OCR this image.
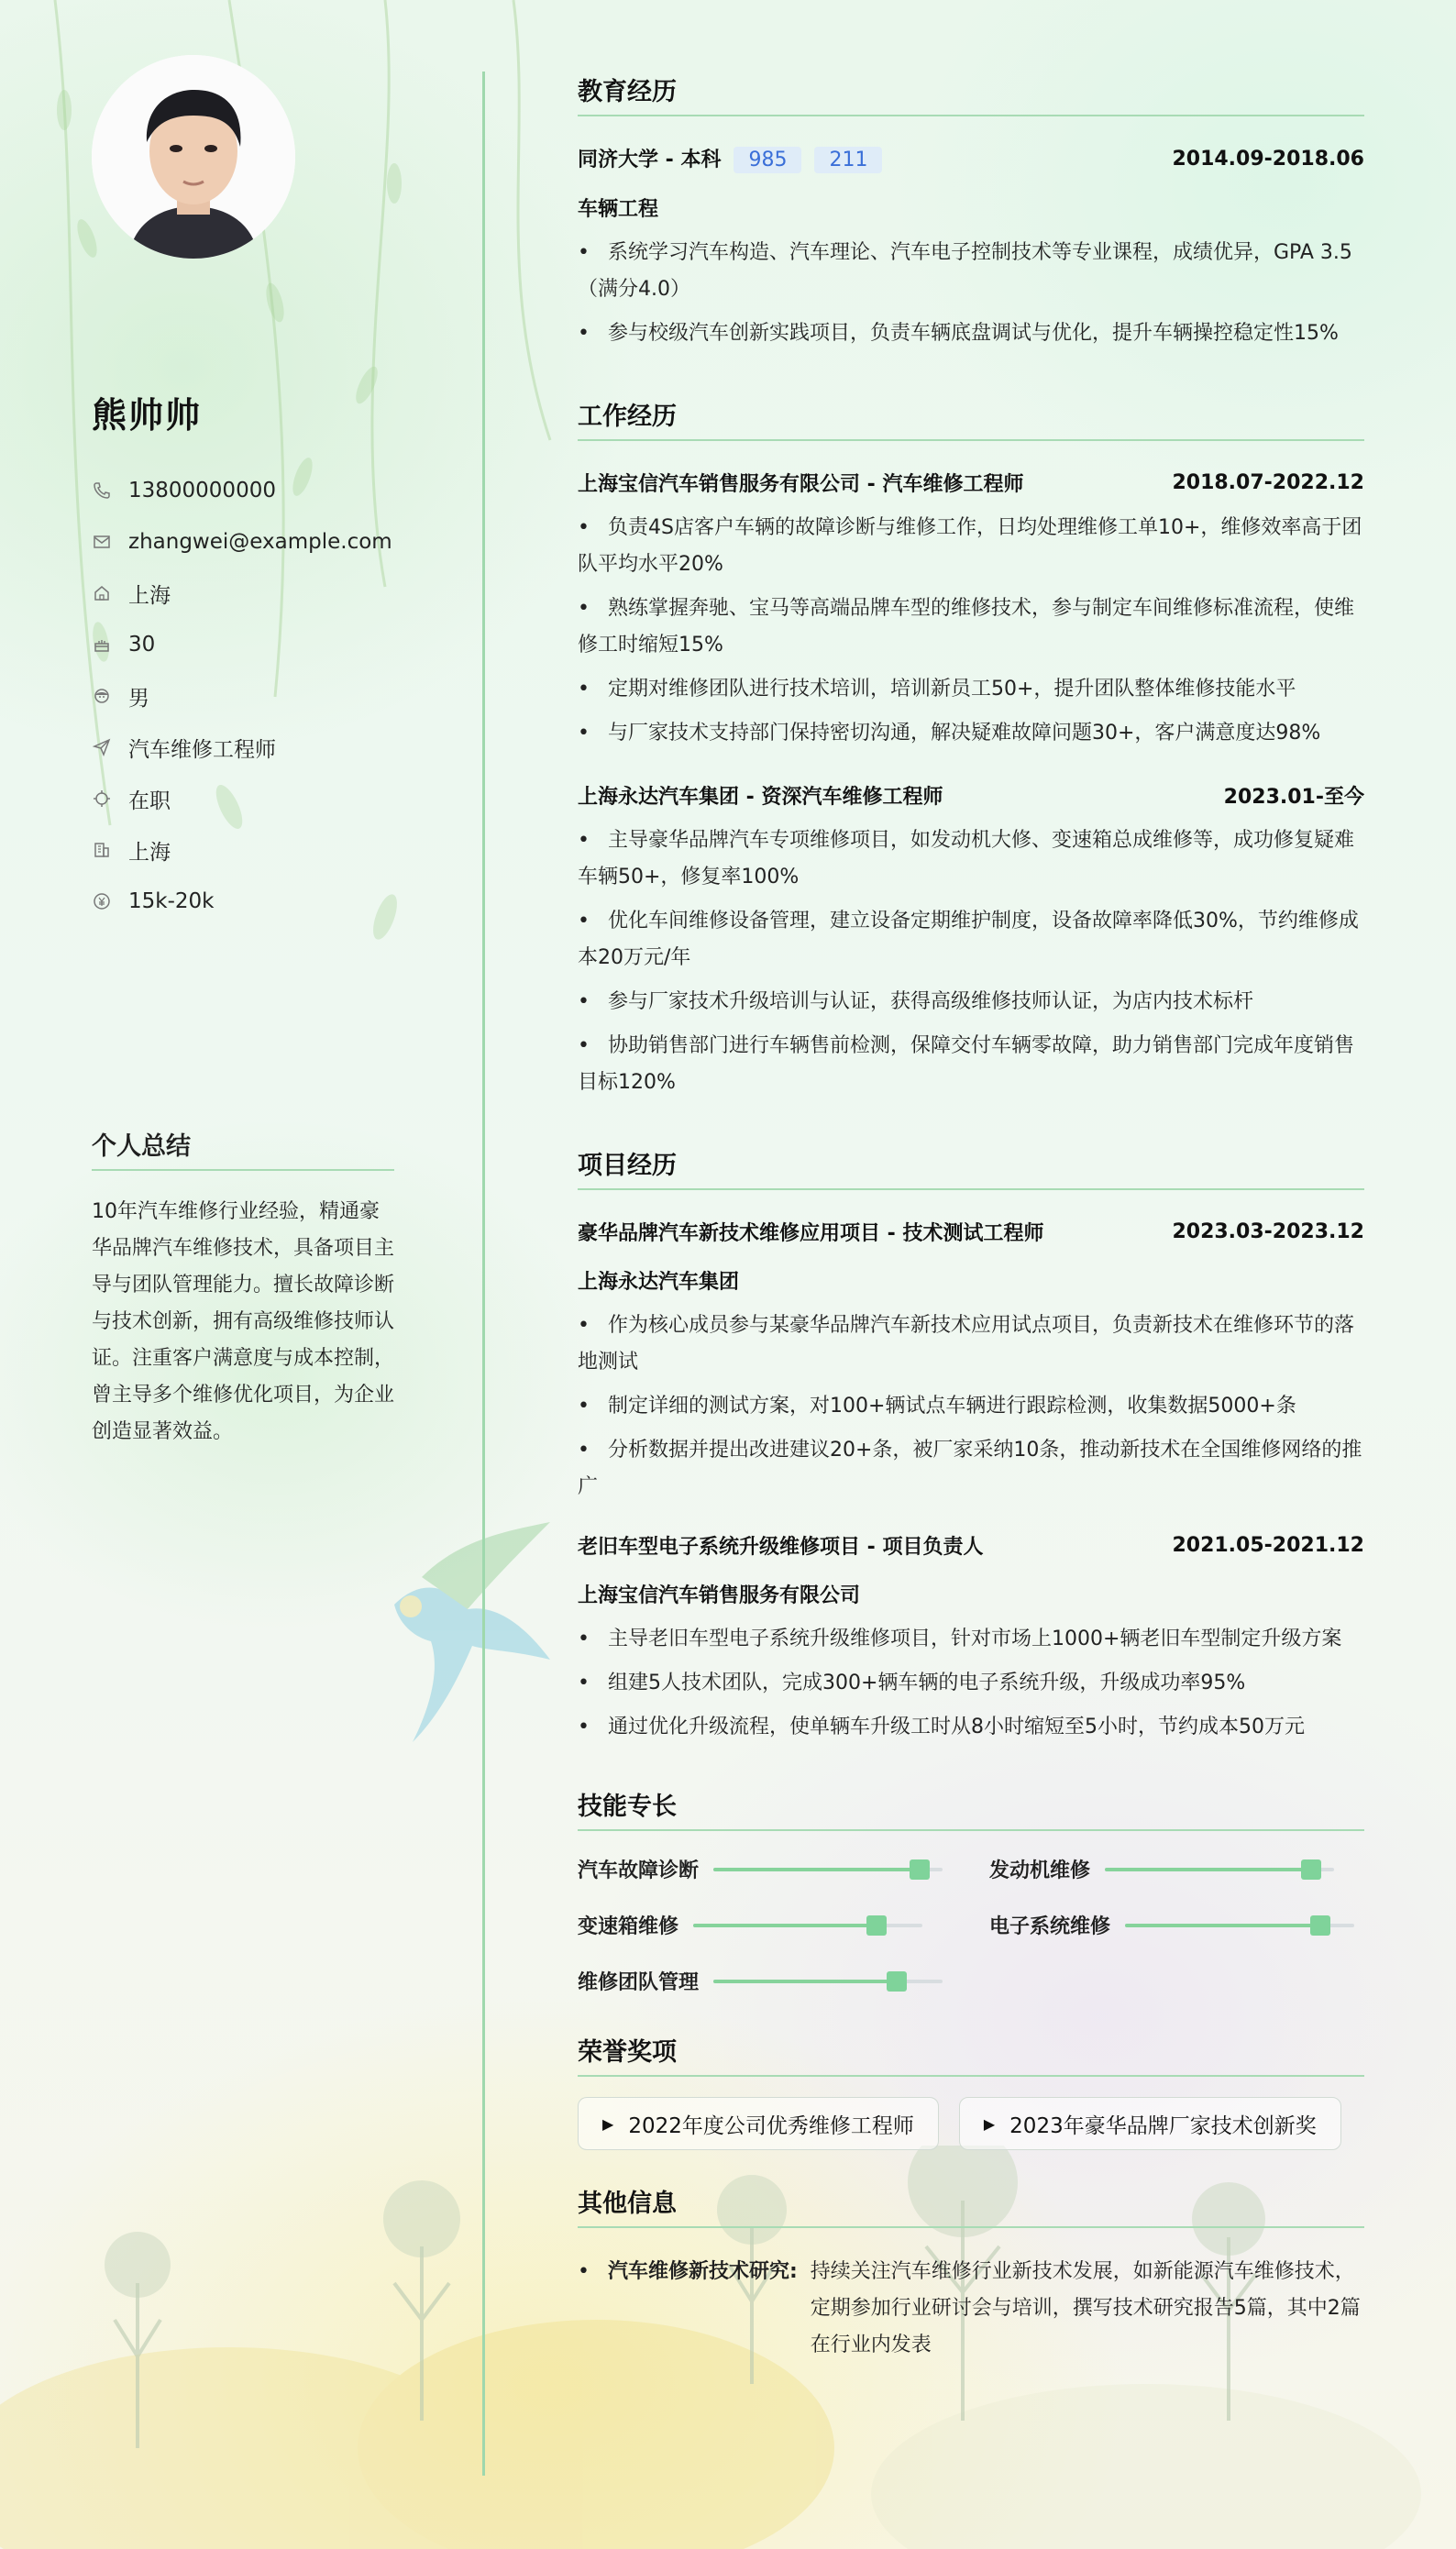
熊帅帅
13800000000
zhangwei@example.com
上海
30
男
汽车维修工程师
在职
上海
15k-20k
个人总结
10年汽车维修行业经验，精通豪华品牌汽车维修技术，具备项目主导与团队管理能力。擅长故障诊断与技术创新，拥有高级维修技师认证。注重客户满意度与成本控制，曾主导多个维修优化项目，为企业创造显著效益。
教育经历
同济大学 - 本科 985 211	2014.09-2018.06
车辆工程
• 系统学习汽车构造、汽车理论、汽车电子控制技术等专业课程，成绩优异，GPA 3.5（满分4.0）
• 参与校级汽车创新实践项目，负责车辆底盘调试与优化，提升车辆操控稳定性15%
工作经历
上海宝信汽车销售服务有限公司 - 汽车维修工程师	2018.07-2022.12
• 负责4S店客户车辆的故障诊断与维修工作，日均处理维修工单10+，维修效率高于团队平均水平20%
• 熟练掌握奔驰、宝马等高端品牌车型的维修技术，参与制定车间维修标准流程，使维修工时缩短15%
• 定期对维修团队进行技术培训，培训新员工50+，提升团队整体维修技能水平
• 与厂家技术支持部门保持密切沟通，解决疑难故障问题30+，客户满意度达98%
上海永达汽车集团 - 资深汽车维修工程师	2023.01-至今
• 主导豪华品牌汽车专项维修项目，如发动机大修、变速箱总成维修等，成功修复疑难车辆50+，修复率100%
• 优化车间维修设备管理，建立设备定期维护制度，设备故障率降低30%，节约维修成本20万元/年
• 参与厂家技术升级培训与认证，获得高级维修技师认证，为店内技术标杆
• 协助销售部门进行车辆售前检测，保障交付车辆零故障，助力销售部门完成年度销售目标120%
项目经历
豪华品牌汽车新技术维修应用项目 - 技术测试工程师	2023.03-2023.12
上海永达汽车集团
• 作为核心成员参与某豪华品牌汽车新技术应用试点项目，负责新技术在维修环节的落地测试
• 制定详细的测试方案，对100+辆试点车辆进行跟踪检测，收集数据5000+条
• 分析数据并提出改进建议20+条，被厂家采纳10条，推动新技术在全国维修网络的推广
老旧车型电子系统升级维修项目 - 项目负责人	2021.05-2021.12
上海宝信汽车销售服务有限公司
• 主导老旧车型电子系统升级维修项目，针对市场上1000+辆老旧车型制定升级方案
• 组建5人技术团队，完成300+辆车辆的电子系统升级，升级成功率95%
• 通过优化升级流程，使单辆车升级工时从8小时缩短至5小时，节约成本50万元
技能专长
汽车故障诊断	发动机维修
变速箱维修	电子系统维修
维修团队管理
荣誉奖项
▶ 2022年度公司优秀维修工程师	▶ 2023年豪华品牌厂家技术创新奖
其他信息
• 汽车维修新技术研究: 持续关注汽车维修行业新技术发展，如新能源汽车维修技术，定期参加行业研讨会与培训，撰写技术研究报告5篇，其中2篇在行业内发表
